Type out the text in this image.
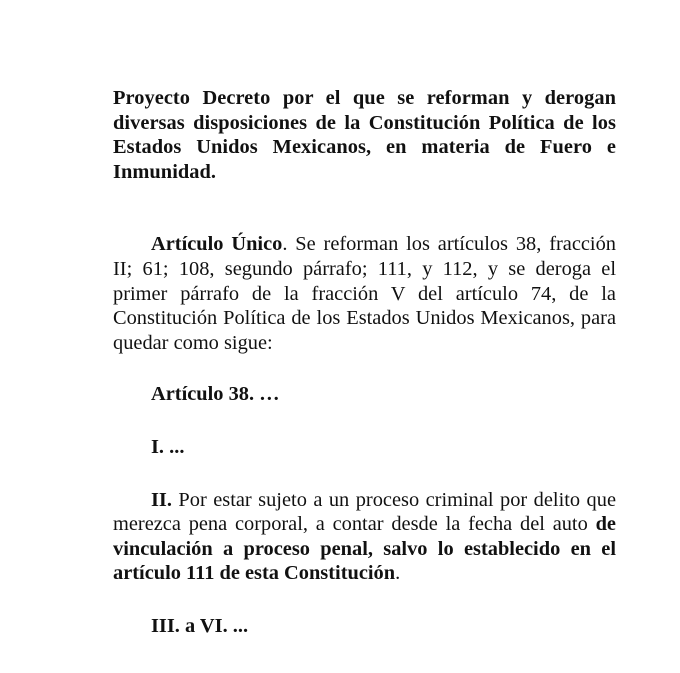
Proyecto Decreto por el que se reforman y derogan diversas disposiciones de la Constitución Política de los Estados Unidos Mexicanos, en materia de Fuero e Inmunidad.

Artículo Único. Se reforman los artículos 38, fracción II; 61; 108, segundo párrafo; 111, y 112, y se deroga el primer párrafo de la fracción V del artículo 74, de la Constitución Política de los Estados Unidos Mexicanos, para quedar como sigue:

Artículo 38. …

I. ...

II. Por estar sujeto a un proceso criminal por delito que merezca pena corporal, a contar desde la fecha del auto de vinculación a proceso penal, salvo lo establecido en el artículo 111 de esta Constitución.

III. a VI. ...
